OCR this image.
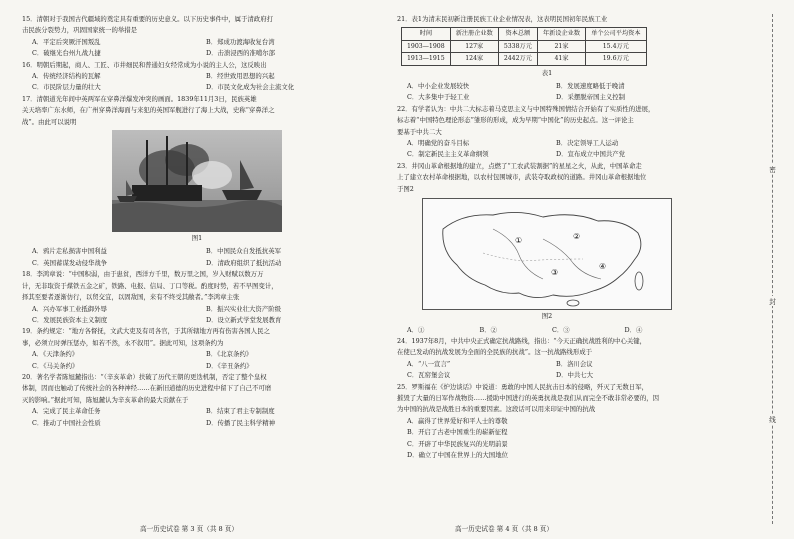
15．清朝对于我国古代疆域的奠定具有重要的历史意义。以下历史事件中，属于清政府打

击民族分裂势力，巩固国家统一的举措是

A．平定后突厥汗国叛乱	B．郑成功渡海收复台湾
C．破继光台州九战九捷	D．击溃浸西的准噶尔部

16．明朝后期起，商人、工匠、市井细民和普通妇女经常成为小说的主人公，这反映出

A．传统经济结构的瓦解	B．经世致用思想的兴起
C．市民阶层力量的壮大	D．市民文化成为社会主流文化

17．清朝道光年间中英两军在穿鼻洋爆发冲突的画面。1839年11月3日，民族英雄

关天培率广东水师，在广州穿鼻洋海面与来犯的英国军舰进行了海上大战，史称“穿鼻洋之

战”。由此可以说明

图1

A．鸦片走私损害中国利益	B．中国民众自发抵抗英军
C．英国蓄谋发动侵华战争	D．清政府组织了抵抗活动

18．李鸿章说：“中国积弱，由于患贫，西洋方千里，数万里之国，岁入财赋以数万万

计，无非取资于煤铁五金之矿，铁路、电报、信局、丁口等税。酌度时势，若不早图变计，

择其至要者逐渐仿行，以贸交宜，以固敌国，来有不终受其敝者。”李鸿章主张

A．兴办军事工业抵御外辱	B．振兴实业壮大资产阶级
C．发展民族资本主义制度	D．设立新式学堂发展教育

19．条约规定：“地方各督抚，文武大吏及有司各官，于其所辖地方再有伤害各国人民之

事，必须立时弹压惩办，如若不然，永不叙用”。据此可知，这项条约为

A．《天津条约》	B．《北京条约》
C．《马关条约》	D．《辛丑条约》

20．著名学者陈旭麓指出：“（辛亥革命）扶破了历代王朝的更迭机制，否定了整个皇权

体制，因而也触动了传统社会的各种神经……在新旧道德的历史进程中留下了自己不可磨

灭的影响。”据此可知，陈旭麓认为辛亥革命的最大贡献在于

A．完成了民主革命任务	B．结束了君主专制制度
C．推动了中国社会性质	D．传播了民主科学精神

21．表1为清末民初新注册民族工业企业情况表，这表明民国初年民族工业

时间	新注册企业数	资本总额	年新设企业数	单个公司平均资本
1903—1908	127家	5338万元	21家	15.4万元
1913—1915	124家	2442万元	41家	19.6万元

表1

A．中小企业发展较快	B．发展速度略低于晚清
C．大多集中于轻工业	D．采摆脱帝国主义控制

22．有学者认为：中共二大标志着马克思主义与中国特殊国情结合开始有了实质性的进展，

标志着“中国特色理论形态”雏形的形成，成为早期“中国化”的历史起点。这一评论主

要基于中共二大

A．明确党的奋斗目标	B．决定领导工人运动
C．制定新民主主义革命纲领	D．宣布成立中国共产党

23．井冈山革命根据地的建立，点燃了“工农武装割据”的星星之火，从此，中国革命走

上了建立农村革命根据地，以农村包围城市，武装夺取政权的道路。井冈山革命根据地位

于图2

①	②
③
④

图2

A．①	B．②	C．③	D．④

24．1937年8月，中共中央正式确定抗战路线，指出：“今天正确抗战胜利的中心关键，

在使已发动的抗战发展为全面的全民族的抗战”。这一抗战路线形成于

A．“八一宣言”	B．洛川会议
C．瓦窑堡会议	D．中共七大

25．罗斯福在《炉边谈话》中说道：勇敢的中国人民抗击日本的侵略，歼灭了无数日军，

摧毁了大量的日军作战物资……援助中国进行的英勇抗战是我们从而完全不敢非常必要的，因

为中国的抗战是战胜日本的重要因素。这段话可以用来印证中国的抗战

A．赢得了世界爱好和平人士的尊敬
B．开启了古老中国重生的崭新征程
C．开辟了中华民族复兴的光明前景
D．确立了中国在世界上的大国地位
高一历史试卷 第 3 页（共 8 页）	高一历史试卷 第 4 页（共 8 页）
密
封
线
